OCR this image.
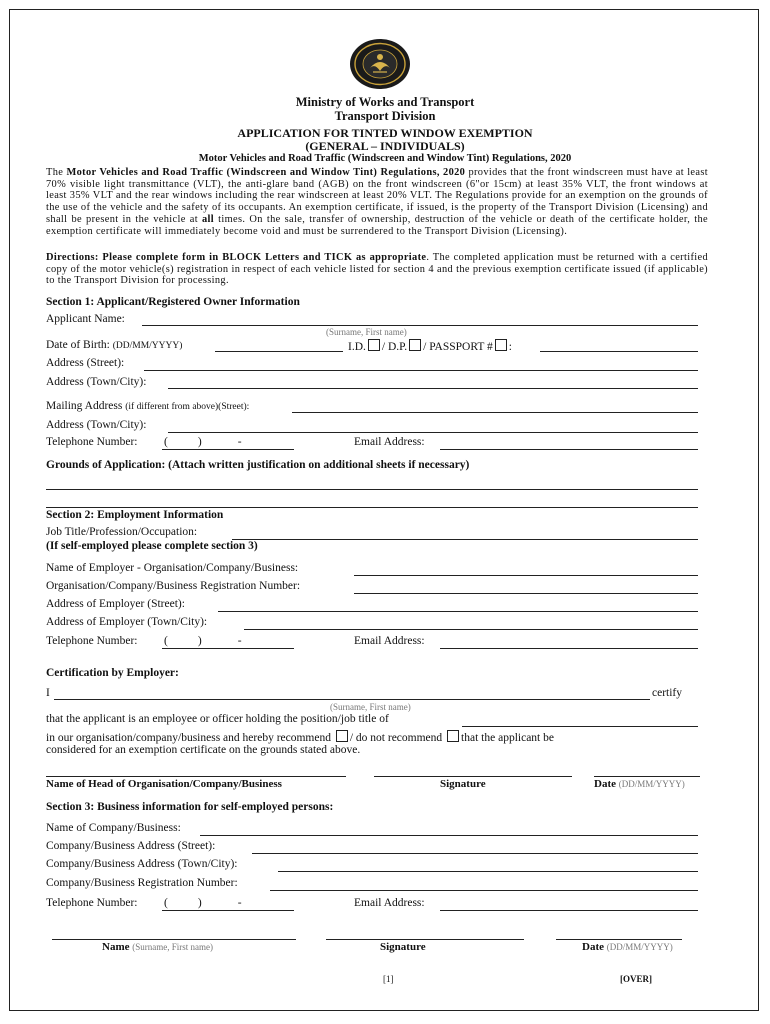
Ministry of Works and Transport
Transport Division
APPLICATION FOR TINTED WINDOW EXEMPTION
(GENERAL – INDIVIDUALS)
Motor Vehicles and Road Traffic (Windscreen and Window Tint) Regulations, 2020
The Motor Vehicles and Road Traffic (Windscreen and Window Tint) Regulations, 2020 provides that the front windscreen must have at least 70% visible light transmittance (VLT), the anti-glare band (AGB) on the front windscreen (6"or 15cm) at least 35% VLT, the front windows at least 35% VLT and the rear windows including the rear windscreen at least 20% VLT. The Regulations provide for an exemption on the grounds of the use of the vehicle and the safety of its occupants. An exemption certificate, if issued, is the property of the Transport Division (Licensing) and shall be present in the vehicle at all times. On the sale, transfer of ownership, destruction of the vehicle or death of the certificate holder, the exemption certificate will immediately become void and must be surrendered to the Transport Division (Licensing).
Directions: Please complete form in BLOCK Letters and TICK as appropriate. The completed application must be returned with a certified copy of the motor vehicle(s) registration in respect of each vehicle listed for section 4 and the previous exemption certificate issued (if applicable) to the Transport Division for processing.
Section 1: Applicant/Registered Owner Information
Applicant Name:
(Surname, First name)
Date of Birth: (DD/MM/YYYY)	I.D. / D.P. / PASSPORT # :
Address (Street):
Address (Town/City):
Mailing Address (if different from above)(Street):
Address (Town/City):
Telephone Number: (	)	-	Email Address:
Grounds of Application: (Attach written justification on additional sheets if necessary)
Section 2: Employment Information
Job Title/Profession/Occupation:
(If self-employed please complete section 3)
Name of Employer - Organisation/Company/Business:
Organisation/Company/Business Registration Number:
Address of Employer (Street):
Address of Employer (Town/City):
Telephone Number: (	)	-	Email Address:
Certification by Employer:
I	certify
(Surname, First name)
that the applicant is an employee or officer holding the position/job title of
in our organisation/company/business and hereby recommend / do not recommend that the applicant be
considered for an exemption certificate on the grounds stated above.
Name of Head of Organisation/Company/Business	Signature	Date (DD/MM/YYYY)
Section 3: Business information for self-employed persons:
Name of Company/Business:
Company/Business Address (Street):
Company/Business Address (Town/City):
Company/Business Registration Number:
Telephone Number: (	)	-	Email Address:
Name (Surname, First name)	Signature	Date (DD/MM/YYYY)
[1]	[OVER]
